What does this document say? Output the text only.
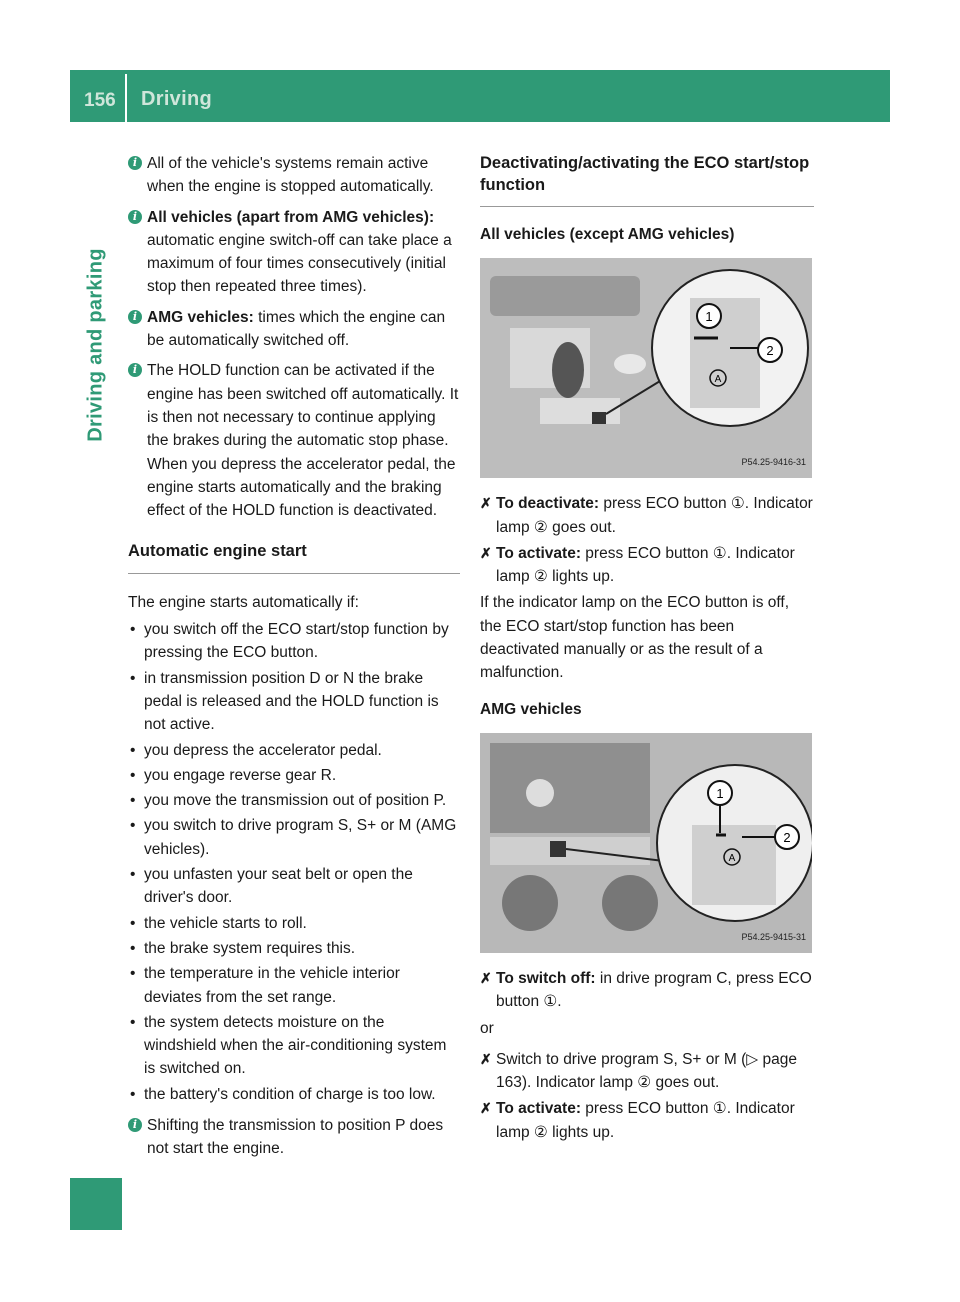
156 Driving
Driving and parking
i All of the vehicle's systems remain active when the engine is stopped automatically.
i All vehicles (apart from AMG vehicles): automatic engine switch-off can take place a maximum of four times consecutively (initial stop then repeated three times).
i AMG vehicles: times which the engine can be automatically switched off.
i The HOLD function can be activated if the engine has been switched off automatically. It is then not necessary to continue applying the brakes during the automatic stop phase. When you depress the accelerator pedal, the engine starts automatically and the braking effect of the HOLD function is deactivated.
Automatic engine start

The engine starts automatically if:

• you switch off the ECO start/stop function by pressing the ECO button.
• in transmission position D or N the brake pedal is released and the HOLD function is not active.
• you depress the accelerator pedal.
• you engage reverse gear R.
• you move the transmission out of position P.
• you switch to drive program S, S+ or M (AMG vehicles).
• you unfasten your seat belt or open the driver's door.
• the vehicle starts to roll.
• the brake system requires this.
• the temperature in the vehicle interior deviates from the set range.
• the system detects moisture on the windshield when the air-conditioning system is switched on.
• the battery's condition of charge is too low.
i Shifting the transmission to position P does not start the engine.
Deactivating/activating the ECO start/stop function
All vehicles (except AMG vehicles)
1
2
A
P54.25-9416-31
✗ To deactivate: press ECO button ①. Indicator lamp ② goes out.
✗ To activate: press ECO button ①. Indicator lamp ② lights up.

If the indicator lamp on the ECO button is off, the ECO start/stop function has been deactivated manually or as the result of a malfunction.

AMG vehicles
1
2
A
P54.25-9415-31
✗ To switch off: in drive program C, press ECO button ①.

or

✗ Switch to drive program S, S+ or M (▷ page 163). Indicator lamp ② goes out.
✗ To activate: press ECO button ①. Indicator lamp ② lights up.
